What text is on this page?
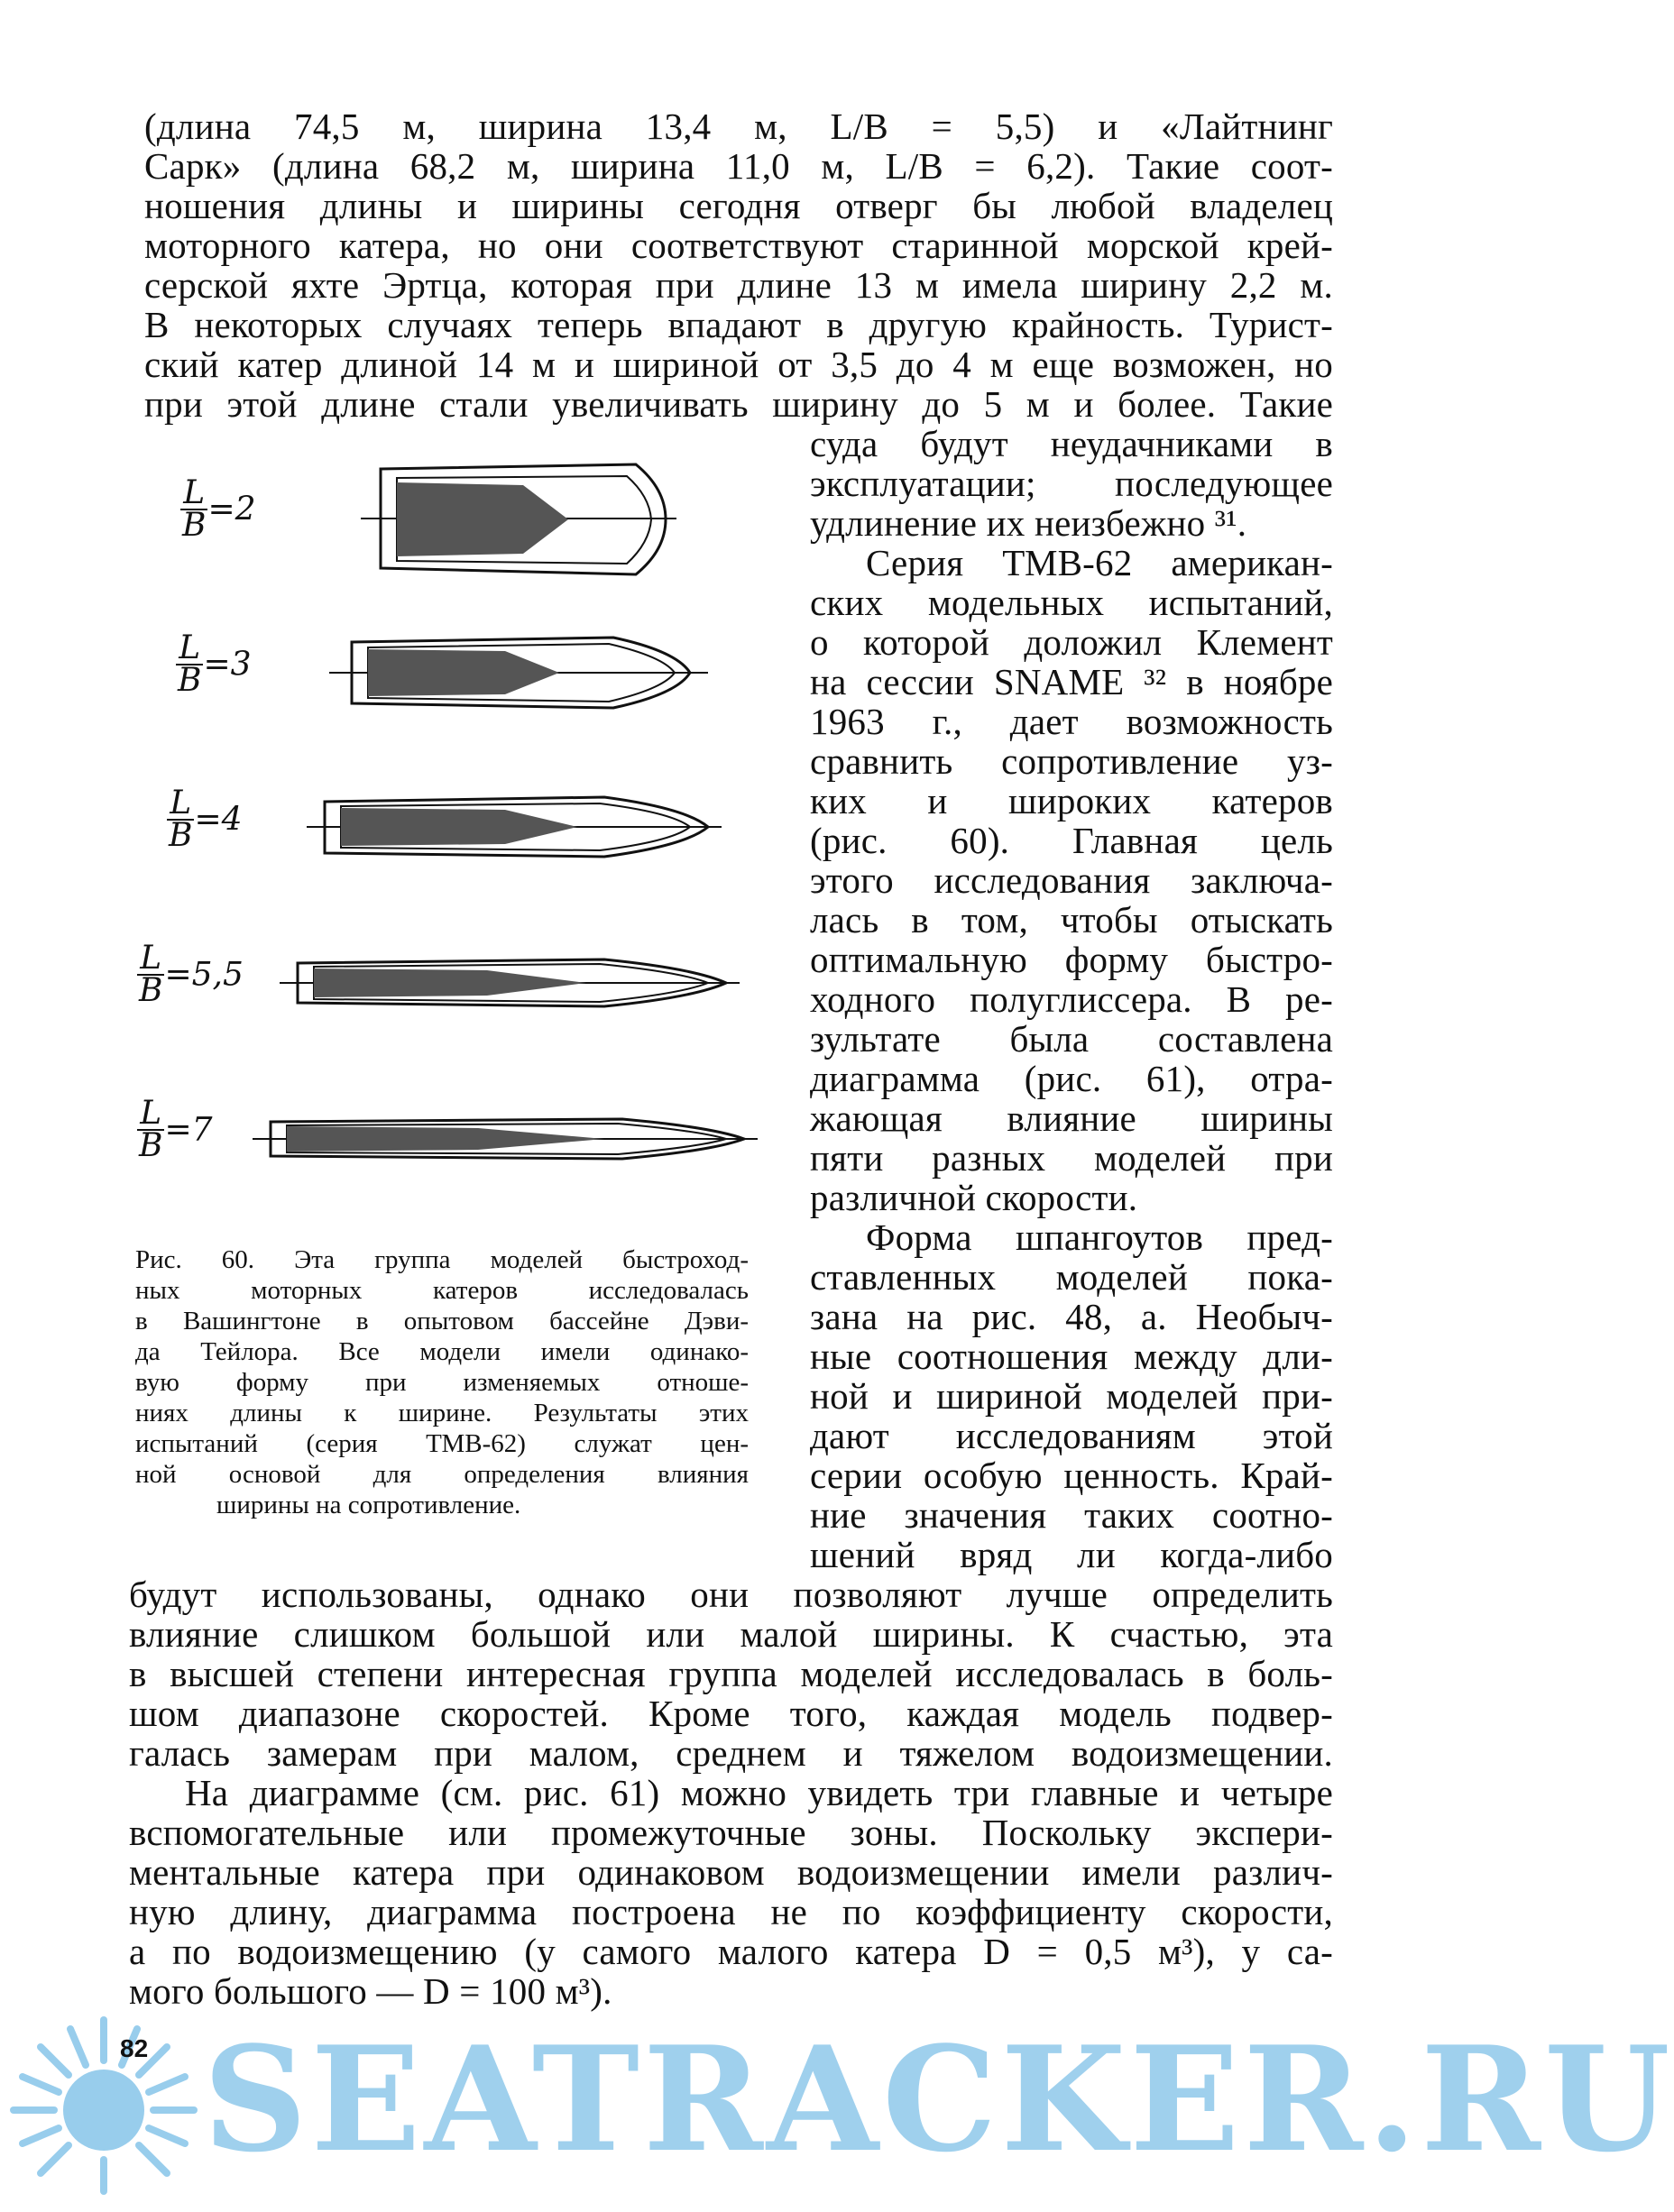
(длина 74,5 м, ширина 13,4 м, L/B = 5,5) и «Лайтнинг
Сарк» (длина 68,2 м, ширина 11,0 м, L/B = 6,2). Такие соот-
ношения длины и ширины сегодня отверг бы любой владелец
моторного катера, но они соответствуют старинной морской крей-
серской яхте Эртца, которая при длине 13 м имела ширину 2,2 м.
В некоторых случаях теперь впадают в другую крайность. Турист-
ский катер длиной 14 м и шириной от 3,5 до 4 м еще возможен, но
при этой длине стали увеличивать ширину до 5 м и более. Такие
суда будут неудачниками в
эксплуатации; последующее
удлинение их неизбежно ³¹.
Серия ТМВ-62 американ-
ских модельных испытаний,
о которой доложил Клемент
на сессии SNAME ³² в ноябре
1963 г., дает возможность
сравнить сопротивление уз-
ких и широких катеров
(рис. 60). Главная цель
этого исследования заключа-
лась в том, чтобы отыскать
оптимальную форму быстро-
ходного полуглиссера. В ре-
зультате была составлена
диаграмма (рис. 61), отра-
жающая влияние ширины
пяти разных моделей при
различной скорости.
Форма шпангоутов пред-
ставленных моделей пока-
зана на рис. 48, а. Необыч-
ные соотношения между дли-
ной и шириной моделей при-
дают исследованиям этой
серии особую ценность. Край-
ние значения таких соотно-
шений вряд ли когда-либо
$\frac{L}{B} =2$
$\frac{L}{B} =3$
$\frac{L}{B} =4$
$\frac{L}{B} =5,5$
$\frac{L}{B} =7$
Рис. 60. Эта группа моделей быстроход-
ных моторных катеров исследовалась
в Вашингтоне в опытовом бассейне Дэви-
да Тейлора. Все модели имели одинако-
вую форму при изменяемых отноше-
ниях длины к ширине. Результаты этих
испытаний (серия ТМВ-62) служат цен-
ной основой для определения влияния
ширины на сопротивление.
будут использованы, однако они позволяют лучше определить
влияние слишком большой или малой ширины. К счастью, эта
в высшей степени интересная группа моделей исследовалась в боль-
шом диапазоне скоростей. Кроме того, каждая модель подвер-
галась замерам при малом, среднем и тяжелом водоизмещении.
На диаграмме (см. рис. 61) можно увидеть три главные и четыре
вспомогательные или промежуточные зоны. Поскольку экспери-
ментальные катера при одинаковом водоизмещении имели различ-
ную длину, диаграмма построена не по коэффициенту скорости,
а по водоизмещению (у самого малого катера D = 0,5 м³), у са-
мого большого — D = 100 м³).
82 SEATRACKER.RU
